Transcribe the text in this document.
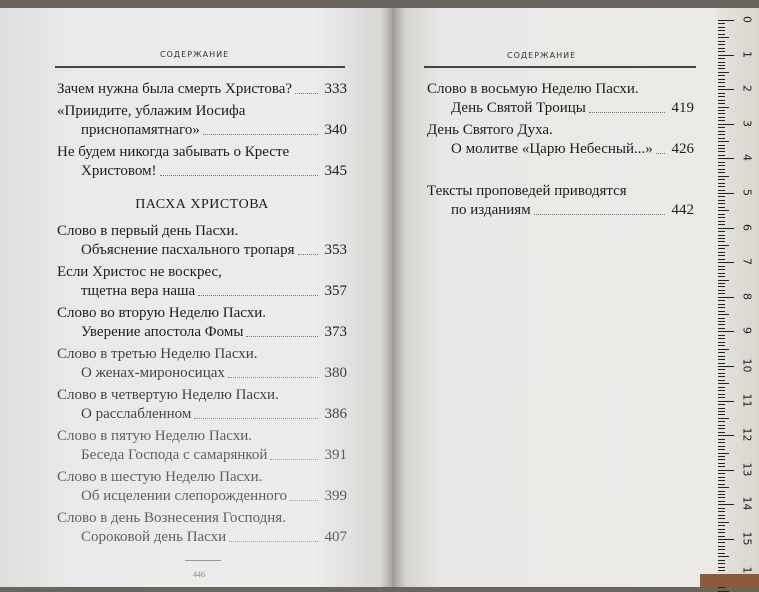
СОДЕРЖАНИЕ
Зачем нужна была смерть Христова? 333
«Приидите, ублажим Иосифа
приснопамятнаго»	340
Не будем никогда забывать о Кресте
Христовом!	345
ПАСХА ХРИСТОВА
Слово в первый день Пасхи.
Объяснение пасхального тропаря 353
Если Христос не воскрес,
тщетна вера наша	357
Слово во вторую Неделю Пасхи.
Уверение апостола Фомы	373
Слово в третью Неделю Пасхи.
О женах-мироносицах	380
Слово в четвертую Неделю Пасхи.
О расслабленном	386
Слово в пятую Неделю Пасхи.
Беседа Господа с самарянкой	391
Слово в шестую Неделю Пасхи.
Об исцелении слепорожденного 399
Слово в день Вознесения Господня.
Сороковой день Пасхи	407
446
СОДЕРЖАНИЕ
Слово в восьмую Неделю Пасхи.
День Святой Троицы	419
День Святого Духа.
О молитве «Царю Небесный...» 426
Тексты проповедей приводятся
по изданиям	442
0
1
2
3
4
5
6
7
8
9
10
11
12
13
14
15
